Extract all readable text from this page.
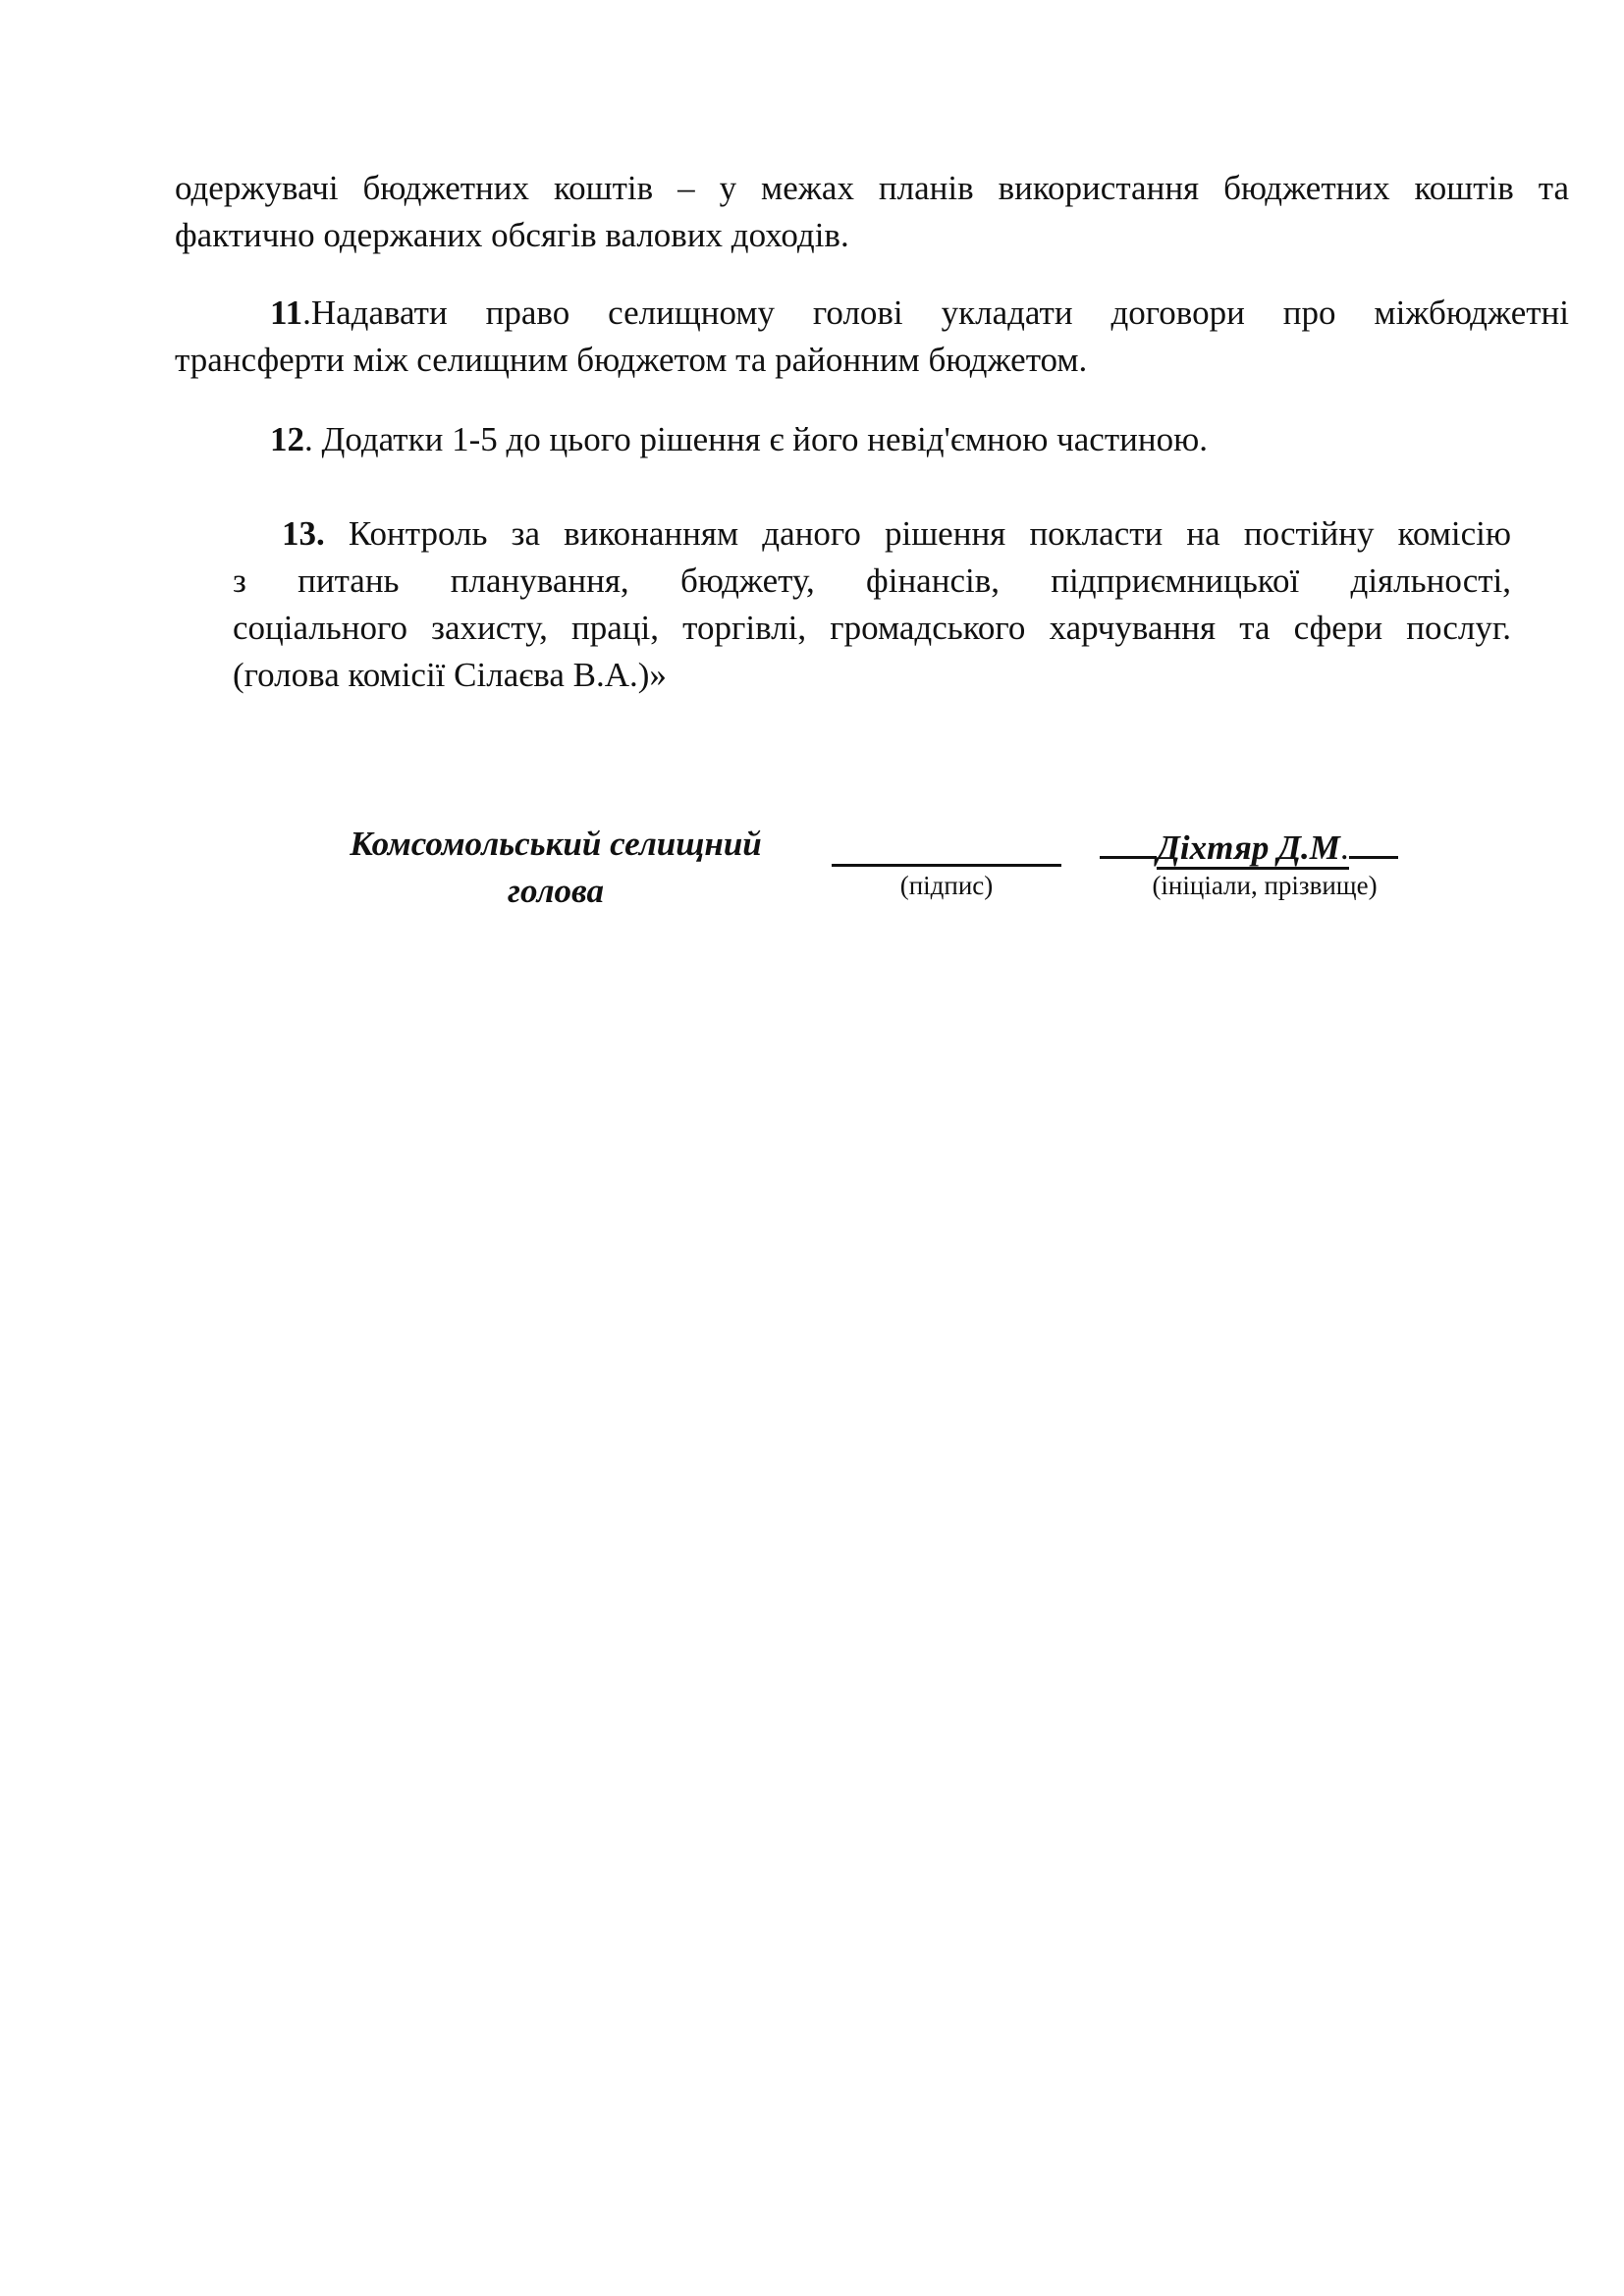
одержувачі бюджетних коштів – у межах планів використання бюджетних коштів та
фактично одержаних обсягів валових доходів.
11.Надавати право селищному голові укладати договори про міжбюджетні
трансферти між селищним бюджетом та районним бюджетом.
12. Додатки 1-5 до цього рішення є його невід'ємною частиною.
13. Контроль за виконанням даного рішення покласти на постійну комісію
з питань планування, бюджету, фінансів, підприємницької діяльності,
соціального захисту, праці, торгівлі, громадського харчування та сфери послуг.
(голова комісії Сілаєва В.А.)»
Комсомольський селищний
голова	(підпис)
Діхтяр Д.М.
(ініціали, прізвище)
